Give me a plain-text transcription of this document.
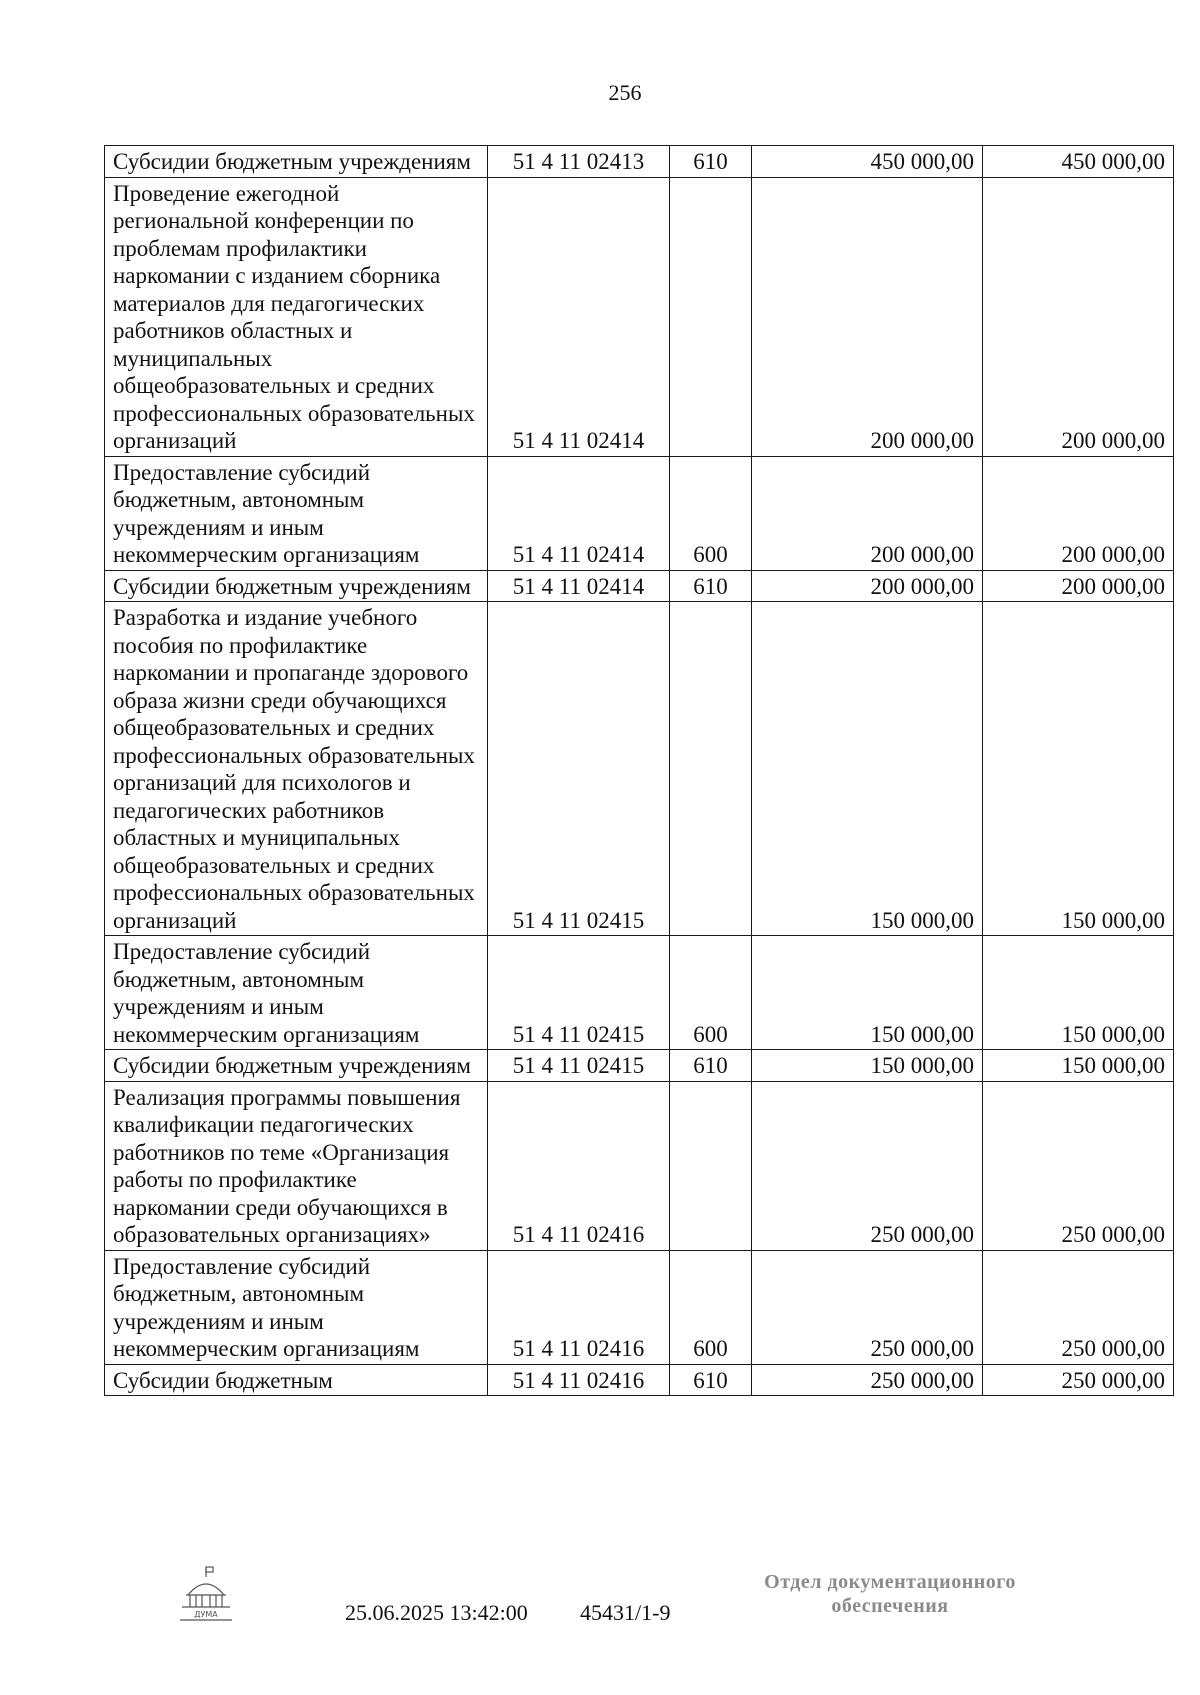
256
Субсидии бюджетным учреждениям	51 4 11 02413	610	450 000,00	450 000,00
Проведение ежегодной региональной конференции по проблемам профилактики наркомании с изданием сборника материалов для педагогических работников областных и муниципальных общеобразовательных и средних профессиональных образовательных организаций	51 4 11 02414		200 000,00	200 000,00
Предоставление субсидий бюджетным, автономным учреждениям и иным некоммерческим организациям	51 4 11 02414	600	200 000,00	200 000,00
Субсидии бюджетным учреждениям	51 4 11 02414	610	200 000,00	200 000,00
Разработка и издание учебного пособия по профилактике наркомании и пропаганде здорового образа жизни среди обучающихся общеобразовательных и средних профессиональных образовательных организаций для психологов и педагогических работников областных и муниципальных общеобразовательных и средних профессиональных образовательных организаций	51 4 11 02415		150 000,00	150 000,00
Предоставление субсидий бюджетным, автономным учреждениям и иным некоммерческим организациям	51 4 11 02415	600	150 000,00	150 000,00
Субсидии бюджетным учреждениям	51 4 11 02415	610	150 000,00	150 000,00
Реализация программы повышения квалификации педагогических работников по теме «Организация работы по профилактике наркомании среди обучающихся в образовательных организациях»	51 4 11 02416		250 000,00	250 000,00
Предоставление субсидий бюджетным, автономным учреждениям и иным некоммерческим организациям	51 4 11 02416	600	250 000,00	250 000,00
Субсидии бюджетным	51 4 11 02416	610	250 000,00	250 000,00
ДУМА	25.06.2025 13:42:00 45431/1-9
Отдел документационного
обеспечения
